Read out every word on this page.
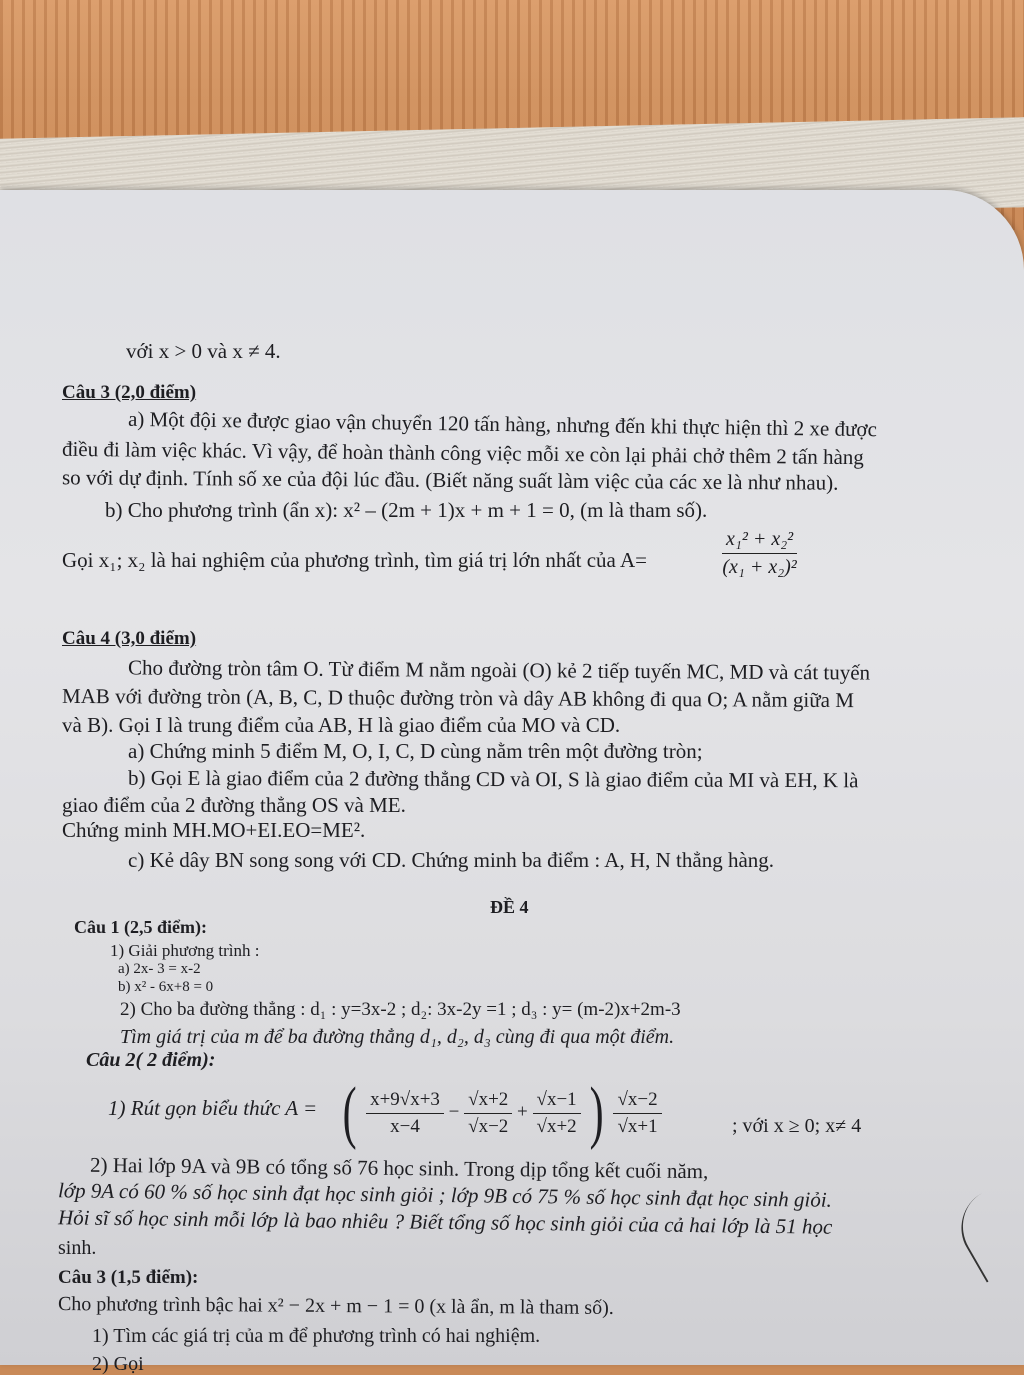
với x > 0 và x ≠ 4.
Câu 3 (2,0 điểm)
a) Một đội xe được giao vận chuyển 120 tấn hàng, nhưng đến khi thực hiện thì 2 xe được
điều đi làm việc khác. Vì vậy, để hoàn thành công việc mỗi xe còn lại phải chở thêm 2 tấn hàng
so với dự định. Tính số xe của đội lúc đầu. (Biết năng suất làm việc của các xe là như nhau).
b) Cho phương trình (ẩn x): x² – (2m + 1)x + m + 1 = 0, (m là tham số).
Gọi x₁; x₂ là hai nghiệm của phương trình, tìm giá trị lớn nhất của A=	$\frac{\text{x₁² + x₂²}}{\text{(x₁ + x₂)²}}$
Câu 4 (3,0 điểm)
Cho đường tròn tâm O. Từ điểm M nằm ngoài (O) kẻ 2 tiếp tuyến MC, MD và cát tuyến
MAB với đường tròn (A, B, C, D thuộc đường tròn và dây AB không đi qua O; A nằm giữa M
và B). Gọi I là trung điểm của AB, H là giao điểm của MO và CD.
a) Chứng minh 5 điểm M, O, I, C, D cùng nằm trên một đường tròn;
b) Gọi E là giao điểm của 2 đường thẳng CD và OI, S là giao điểm của MI và EH, K là
giao điểm của 2 đường thẳng OS và ME.
Chứng minh MH.MO+EI.EO=ME².
c) Kẻ dây BN song song với CD. Chứng minh ba điểm : A, H, N thẳng hàng.
ĐỀ 4
Câu 1 (2,5 điểm):
1) Giải phương trình :
a) 2x- 3 = x-2
b) x² - 6x+8 = 0
2) Cho ba đường thẳng : d₁ : y=3x-2 ; d₂: 3x-2y =1 ; d₃ : y= (m-2)x+2m-3
Tìm giá trị của m để ba đường thẳng d₁, d₂, d₃ cùng đi qua một điểm.
Câu 2( 2 điểm):
1) Rút gọn biểu thức A = ( $\frac{x+9√x+3}{x-4} - \frac{√x+2}{√x-2} + \frac{√x-1}{√x+2}$ ) $\frac{√x-2}{√x+1}$	; với x ≥ 0; x≠ 4
2) Hai lớp 9A và 9B có tổng số 76 học sinh. Trong dịp tổng kết cuối năm,
lớp 9A có 60 % số học sinh đạt học sinh giỏi ; lớp 9B có 75 % số học sinh đạt học sinh giỏi.
Hỏi sĩ số học sinh mỗi lớp là bao nhiêu ? Biết tổng số học sinh giỏi của cả hai lớp là 51 học
sinh.
Câu 3 (1,5 điểm):
Cho phương trình bậc hai x² − 2x + m − 1 = 0 (x là ẩn, m là tham số).
1) Tìm các giá trị của m để phương trình có hai nghiệm.
2) Gọi
